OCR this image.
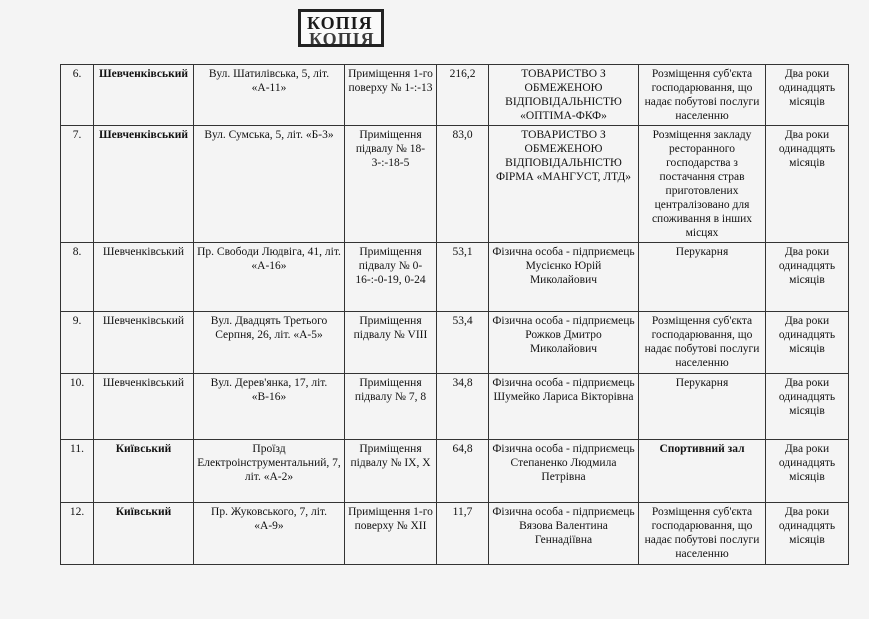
КОПІЯ
КОПІЯ
6.	Шевченківський	Вул. Шатилівська, 5, літ. «А-11»	Приміщення 1-го поверху № 1-:-13	216,2	ТОВАРИСТВО З ОБМЕЖЕНОЮ ВІДПОВІДАЛЬНІСТЮ «ОПТІМА-ФКФ»	Розміщення суб'єкта господарювання, що надає побутові послуги населенню	Два роки одинадцять місяців
7.	Шевченківський	Вул. Сумська, 5, літ. «Б-3»	Приміщення підвалу № 18-3-:-18-5	83,0	ТОВАРИСТВО З ОБМЕЖЕНОЮ ВІДПОВІДАЛЬНІСТЮ ФІРМА «МАНГУСТ, ЛТД»	Розміщення закладу ресторанного господарства з постачання страв приготовлених централізовано для споживання в інших місцях	Два роки одинадцять місяців
8.	Шевченківський	Пр. Свободи Людвіга, 41, літ. «А-16»	Приміщення підвалу № 0-16-:-0-19, 0-24	53,1	Фізична особа - підприємець Мусієнко Юрій Миколайович	Перукарня	Два роки одинадцять місяців
9.	Шевченківський	Вул. Двадцять Третього Серпня, 26, літ. «А-5»	Приміщення підвалу № VIII	53,4	Фізична особа - підприємець Рожков Дмитро Миколайович	Розміщення суб'єкта господарювання, що надає побутові послуги населенню	Два роки одинадцять місяців
10.	Шевченківський	Вул. Дерев'янка, 17, літ. «В-16»	Приміщення підвалу № 7, 8	34,8	Фізична особа - підприємець Шумейко Лариса Вікторівна	Перукарня	Два роки одинадцять місяців
11.	Київський	Проїзд Електроінструментальний, 7, літ. «А-2»	Приміщення підвалу № IX, X	64,8	Фізична особа - підприємець Степаненко Людмила Петрівна	Спортивний зал	Два роки одинадцять місяців
12.	Київський	Пр. Жуковського, 7, літ. «А-9»	Приміщення 1-го поверху № XII	11,7	Фізична особа - підприємець Вязова Валентина Геннадіївна	Розміщення суб'єкта господарювання, що надає побутові послуги населенню	Два роки одинадцять місяців
